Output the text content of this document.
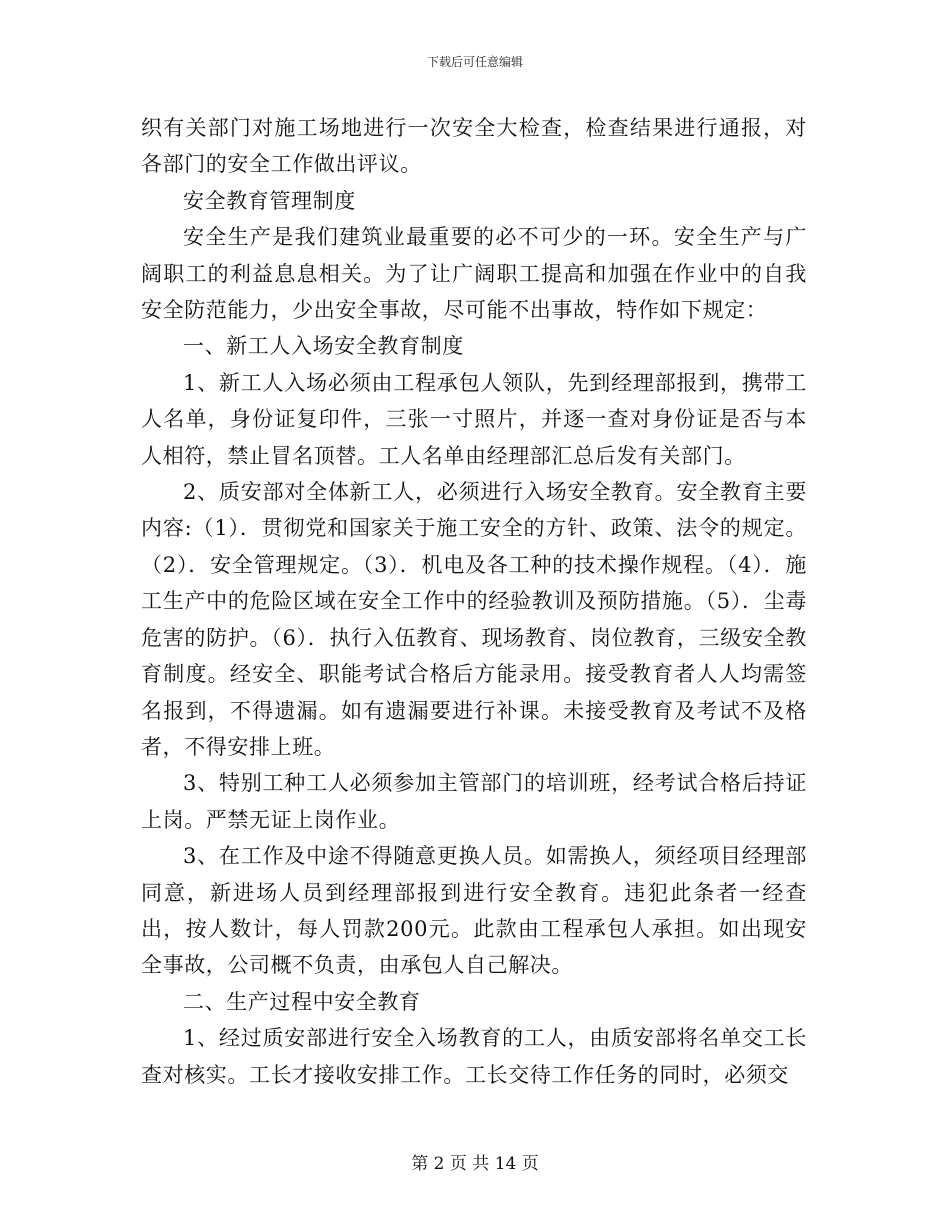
下载后可任意编辑

织有关部门对施工场地进行一次安全大检查，检查结果进行通报，对各部门的安全工作做出评议。

安全教育管理制度

安全生产是我们建筑业最重要的必不可少的一环。安全生产与广阔职工的利益息息相关。为了让广阔职工提高和加强在作业中的自我安全防范能力，少出安全事故，尽可能不出事故，特作如下规定：

一、新工人入场安全教育制度

1、新工人入场必须由工程承包人领队，先到经理部报到，携带工人名单，身份证复印件，三张一寸照片，并逐一查对身份证是否与本人相符，禁止冒名顶替。工人名单由经理部汇总后发有关部门。

2、质安部对全体新工人，必须进行入场安全教育。安全教育主要内容:（1）．贯彻党和国家关于施工安全的方针、政策、法令的规定。（2）．安全管理规定。（3）．机电及各工种的技术操作规程。（4）．施工生产中的危险区域在安全工作中的经验教训及预防措施。（5）．尘毒危害的防护。（6）．执行入伍教育、现场教育、岗位教育，三级安全教育制度。经安全、职能考试合格后方能录用。接受教育者人人均需签名报到，不得遗漏。如有遗漏要进行补课。未接受教育及考试不及格者，不得安排上班。

3、特别工种工人必须参加主管部门的培训班，经考试合格后持证上岗。严禁无证上岗作业。

3、在工作及中途不得随意更换人员。如需换人，须经项目经理部同意，新进场人员到经理部报到进行安全教育。违犯此条者一经查出，按人数计，每人罚款200元。此款由工程承包人承担。如出现安全事故，公司概不负责，由承包人自己解决。

二、生产过程中安全教育

1、经过质安部进行安全入场教育的工人，由质安部将名单交工长查对核实。工长才接收安排工作。工长交待工作任务的同时，必须交

第 2 页 共 14 页
